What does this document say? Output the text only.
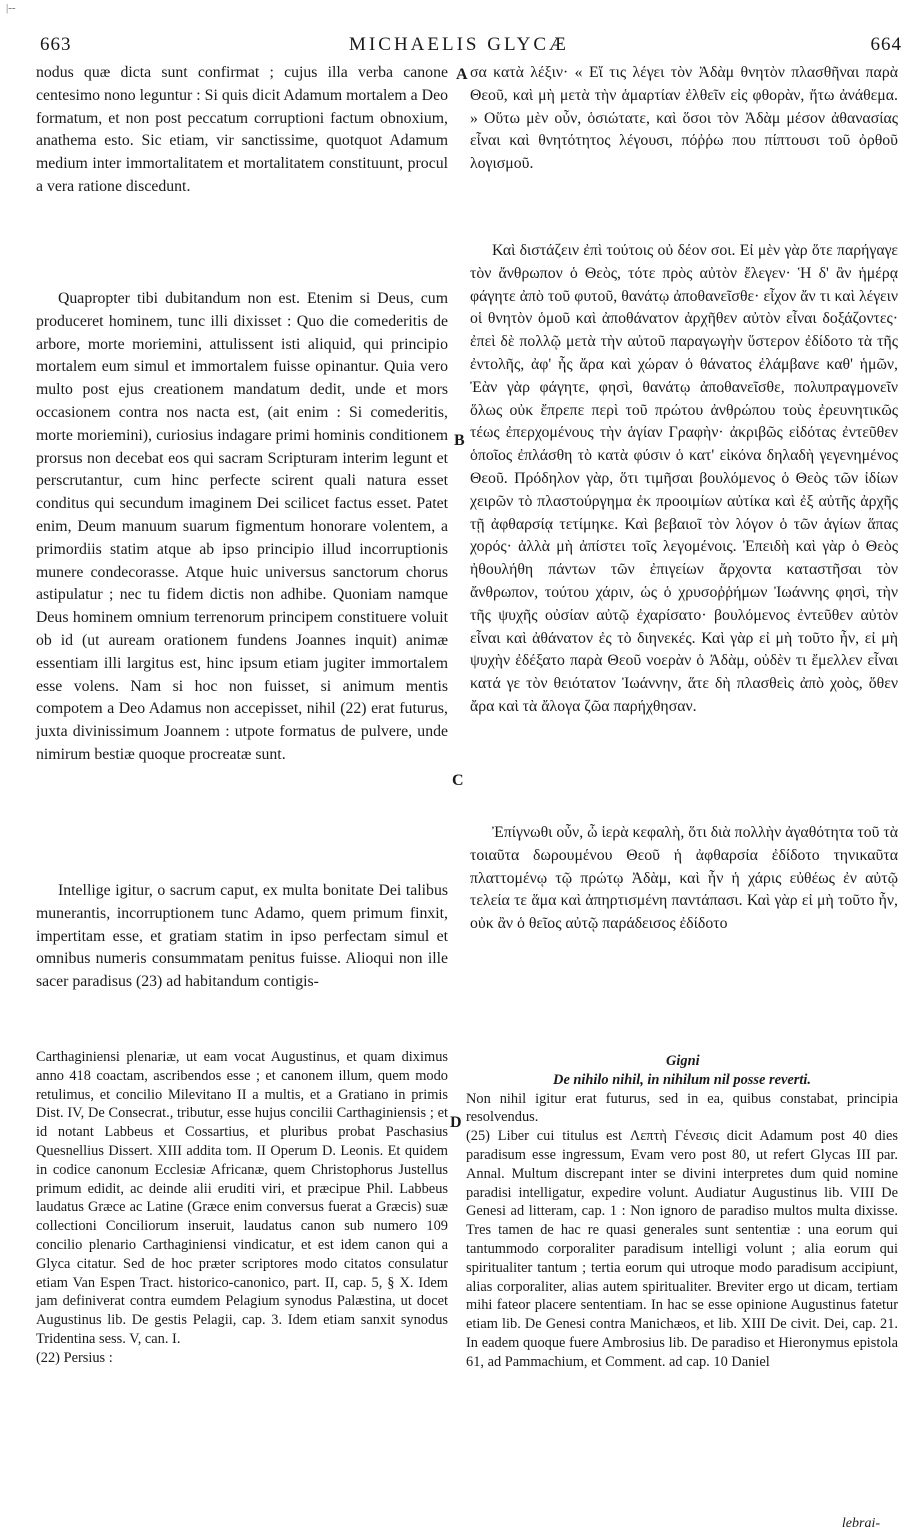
|--
MICHAELIS GLYCÆ
663	664
A
B
C
D

nodus quæ dicta sunt confirmat ; cujus illa verba canone centesimo nono leguntur : Si quis dicit Adamum mortalem a Deo formatum, et non post peccatum corruptioni factum obnoxium, anathema esto. Sic etiam, vir sanctissime, quotquot Adamum medium inter immortalitatem et mortalitatem constituunt, procul a vera ratione discedunt.

Quapropter tibi dubitandum non est. Etenim si Deus, cum produceret hominem, tunc illi dixisset : Quo die comederitis de arbore, morte moriemini, attulissent isti aliquid, qui principio mortalem eum simul et immortalem fuisse opinantur. Quia vero multo post ejus creationem mandatum dedit, unde et mors occasionem contra nos nacta est, (ait enim : Si comederitis, morte moriemini), curiosius indagare primi hominis conditionem prorsus non decebat eos qui sacram Scripturam interim legunt et perscrutantur, cum hinc perfecte scirent quali natura esset conditus qui secundum imaginem Dei scilicet factus esset. Patet enim, Deum manuum suarum figmentum honorare volentem, a primordiis statim atque ab ipso principio illud incorruptionis munere condecorasse. Atque huic universus sanctorum chorus astipulatur ; nec tu fidem dictis non adhibe. Quoniam namque Deus hominem omnium terrenorum principem constituere voluit ob id (ut auream orationem fundens Joannes inquit) animæ essentiam illi largitus est, hinc ipsum etiam jugiter immortalem esse volens. Nam si hoc non fuisset, si animum mentis compotem a Deo Adamus non accepisset, nihil (22) erat futurus, juxta divinissimum Joannem : utpote formatus de pulvere, unde nimirum bestiæ quoque procreatæ sunt.

Intellige igitur, o sacrum caput, ex multa bonitate Dei talibus munerantis, incorruptionem tunc Adamo, quem primum finxit, impertitam esse, et gratiam statim in ipso perfectam simul et omnibus numeris consummatam penitus fuisse. Alioqui non ille sacer paradisus (23) ad habitandum contigis-

σα κατὰ λέξιν· « Εἴ τις λέγει τὸν Ἀδὰμ θνητὸν πλασθῆναι παρὰ Θεοῦ, καὶ μὴ μετὰ τὴν ἁμαρτίαν ἐλθεῖν εἰς φθορὰν, ἤτω ἀνάθεμα. » Οὕτω μὲν οὖν, ὁσιώτατε, καὶ ὅσοι τὸν Ἀδὰμ μέσον ἀθανασίας εἶναι καὶ θνητότητος λέγουσι, πόῤῥω που πίπτουσι τοῦ ὀρθοῦ λογισμοῦ.

Καὶ διστάζειν ἐπὶ τούτοις οὐ δέον σοι. Εἰ μὲν γὰρ ὅτε παρήγαγε τὸν ἄνθρωπον ὁ Θεὸς, τότε πρὸς αὐτὸν ἔλεγεν· Ἡ δ' ἂν ἡμέρᾳ φάγητε ἀπὸ τοῦ φυτοῦ, θανάτῳ ἀποθανεῖσθε· εἶχον ἄν τι καὶ λέγειν οἱ θνητὸν ὁμοῦ καὶ ἀποθάνατον ἀρχῆθεν αὐτὸν εἶναι δοξάζοντες· ἐπεὶ δὲ πολλῷ μετὰ τὴν αὐτοῦ παραγωγὴν ὕστερον ἐδίδοτο τὰ τῆς ἐντολῆς, ἀφ' ἧς ἄρα καὶ χώραν ὁ θάνατος ἐλάμβανε καθ' ἡμῶν, Ἐὰν γὰρ φάγητε, φησὶ, θανάτῳ ἀποθανεῖσθε, πολυπραγμονεῖν ὅλως οὐκ ἔπρεπε περὶ τοῦ πρώτου ἀνθρώπου τοὺς ἐρευνητικῶς τέως ἐπερχομένους τὴν ἁγίαν Γραφὴν· ἀκριβῶς εἰδότας ἐντεῦθεν ὁποῖος ἐπλάσθη τὸ κατὰ φύσιν ὁ κατ' εἰκόνα δηλαδὴ γεγενημένος Θεοῦ. Πρόδηλον γὰρ, ὅτι τιμῆσαι βουλόμενος ὁ Θεὸς τῶν ἰδίων χειρῶν τὸ πλαστούργημα ἐκ προοιμίων αὐτίκα καὶ ἐξ αὐτῆς ἀρχῆς τῇ ἀφθαρσίᾳ τετίμηκε. Καὶ βεβαιοῖ τὸν λόγον ὁ τῶν ἁγίων ἅπας χορός· ἀλλὰ μὴ ἀπίστει τοῖς λεγομένοις. Ἐπειδὴ καὶ γὰρ ὁ Θεὸς ἠθουλήθη πάντων τῶν ἐπιγείων ἄρχοντα καταστῆσαι τὸν ἄνθρωπον, τούτου χάριν, ὡς ὁ χρυσοῤῥήμων Ἰωάννης φησὶ, τὴν τῆς ψυχῆς οὐσίαν αὐτῷ ἐχαρίσατο· βουλόμενος ἐντεῦθεν αὐτὸν εἶναι καὶ ἀθάνατον ἐς τὸ διηνεκές. Καὶ γὰρ εἰ μὴ τοῦτο ἦν, εἰ μὴ ψυχὴν ἐδέξατο παρὰ Θεοῦ νοερὰν ὁ Ἀδὰμ, οὐδὲν τι ἔμελλεν εἶναι κατά γε τὸν θειότατον Ἰωάννην, ἅτε δὴ πλασθεὶς ἀπὸ χοὸς, ὅθεν ἄρα καὶ τὰ ἄλογα ζῶα παρήχθησαν.

Ἐπίγνωθι οὖν, ὦ ἱερὰ κεφαλὴ, ὅτι διὰ πολλὴν ἀγαθότητα τοῦ τὰ τοιαῦτα δωρουμένου Θεοῦ ἡ ἀφθαρσία ἐδίδοτο τηνικαῦτα πλαττομένῳ τῷ πρώτῳ Ἀδὰμ, καὶ ἦν ἡ χάρις εὐθέως ἐν αὐτῷ τελεία τε ἅμα καὶ ἀπηρτισμένη παντάπασι. Καὶ γὰρ εἰ μὴ τοῦτο ἦν, οὐκ ἂν ὁ θεῖος αὐτῷ παράδεισος ἐδίδοτο

Carthaginiensi plenariæ, ut eam vocat Augustinus, et quam diximus anno 418 coactam, ascribendos esse ; et canonem illum, quem modo retulimus, et concilio Milevitano II a multis, et a Gratiano in primis Dist. IV, De Consecrat., tributur, esse hujus concilii Carthaginiensis ; et id notant Labbeus et Cossartius, et pluribus probat Paschasius Quesnellius Dissert. XIII addita tom. II Operum D. Leonis. Et quidem in codice canonum Ecclesiæ Africanæ, quem Christophorus Justellus primum edidit, ac deinde alii eruditi viri, et præcipue Phil. Labbeus laudatus Græce ac Latine (Græce enim conversus fuerat a Græcis) suæ collectioni Conciliorum inseruit, laudatus canon sub numero 109 concilio plenario Carthaginiensi vindicatur, et est idem canon qui a Glyca citatur. Sed de hoc præter scriptores modo citatos consulatur etiam Van Espen Tract. historico-canonico, part. II, cap. 5, § X. Idem jam definiverat contra eumdem Pelagium synodus Palæstina, ut docet Augustinus lib. De gestis Pelagii, cap. 3. Idem etiam sanxit synodus Tridentina sess. V, can. I.

(22) Persius :

Gigni

De nihilo nihil, in nihilum nil posse reverti.

Non nihil igitur erat futurus, sed in ea, quibus constabat, principia resolvendus.

(25) Liber cui titulus est Λεπτὴ Γένεσις dicit Adamum post 40 dies paradisum esse ingressum, Evam vero post 80, ut refert Glycas III par. Annal. Multum discrepant inter se divini interpretes dum quid nomine paradisi intelligatur, expedire volunt. Audiatur Augustinus lib. VIII De Genesi ad litteram, cap. 1 : Non ignoro de paradiso multos multa dixisse. Tres tamen de hac re quasi generales sunt sententiæ : una eorum qui tantummodo corporaliter paradisum intelligi volunt ; alia eorum qui spiritualiter tantum ; tertia eorum qui utroque modo paradisum accipiunt, alias corporaliter, alias autem spiritualiter. Breviter ergo ut dicam, tertiam mihi fateor placere sententiam. In hac se esse opinione Augustinus fatetur etiam lib. De Genesi contra Manichæos, et lib. XIII De civit. Dei, cap. 21. In eadem quoque fuere Ambrosius lib. De paradiso et Hieronymus epistola 61, ad Pammachium, et Comment. ad cap. 10 Daniel

lebrai-
